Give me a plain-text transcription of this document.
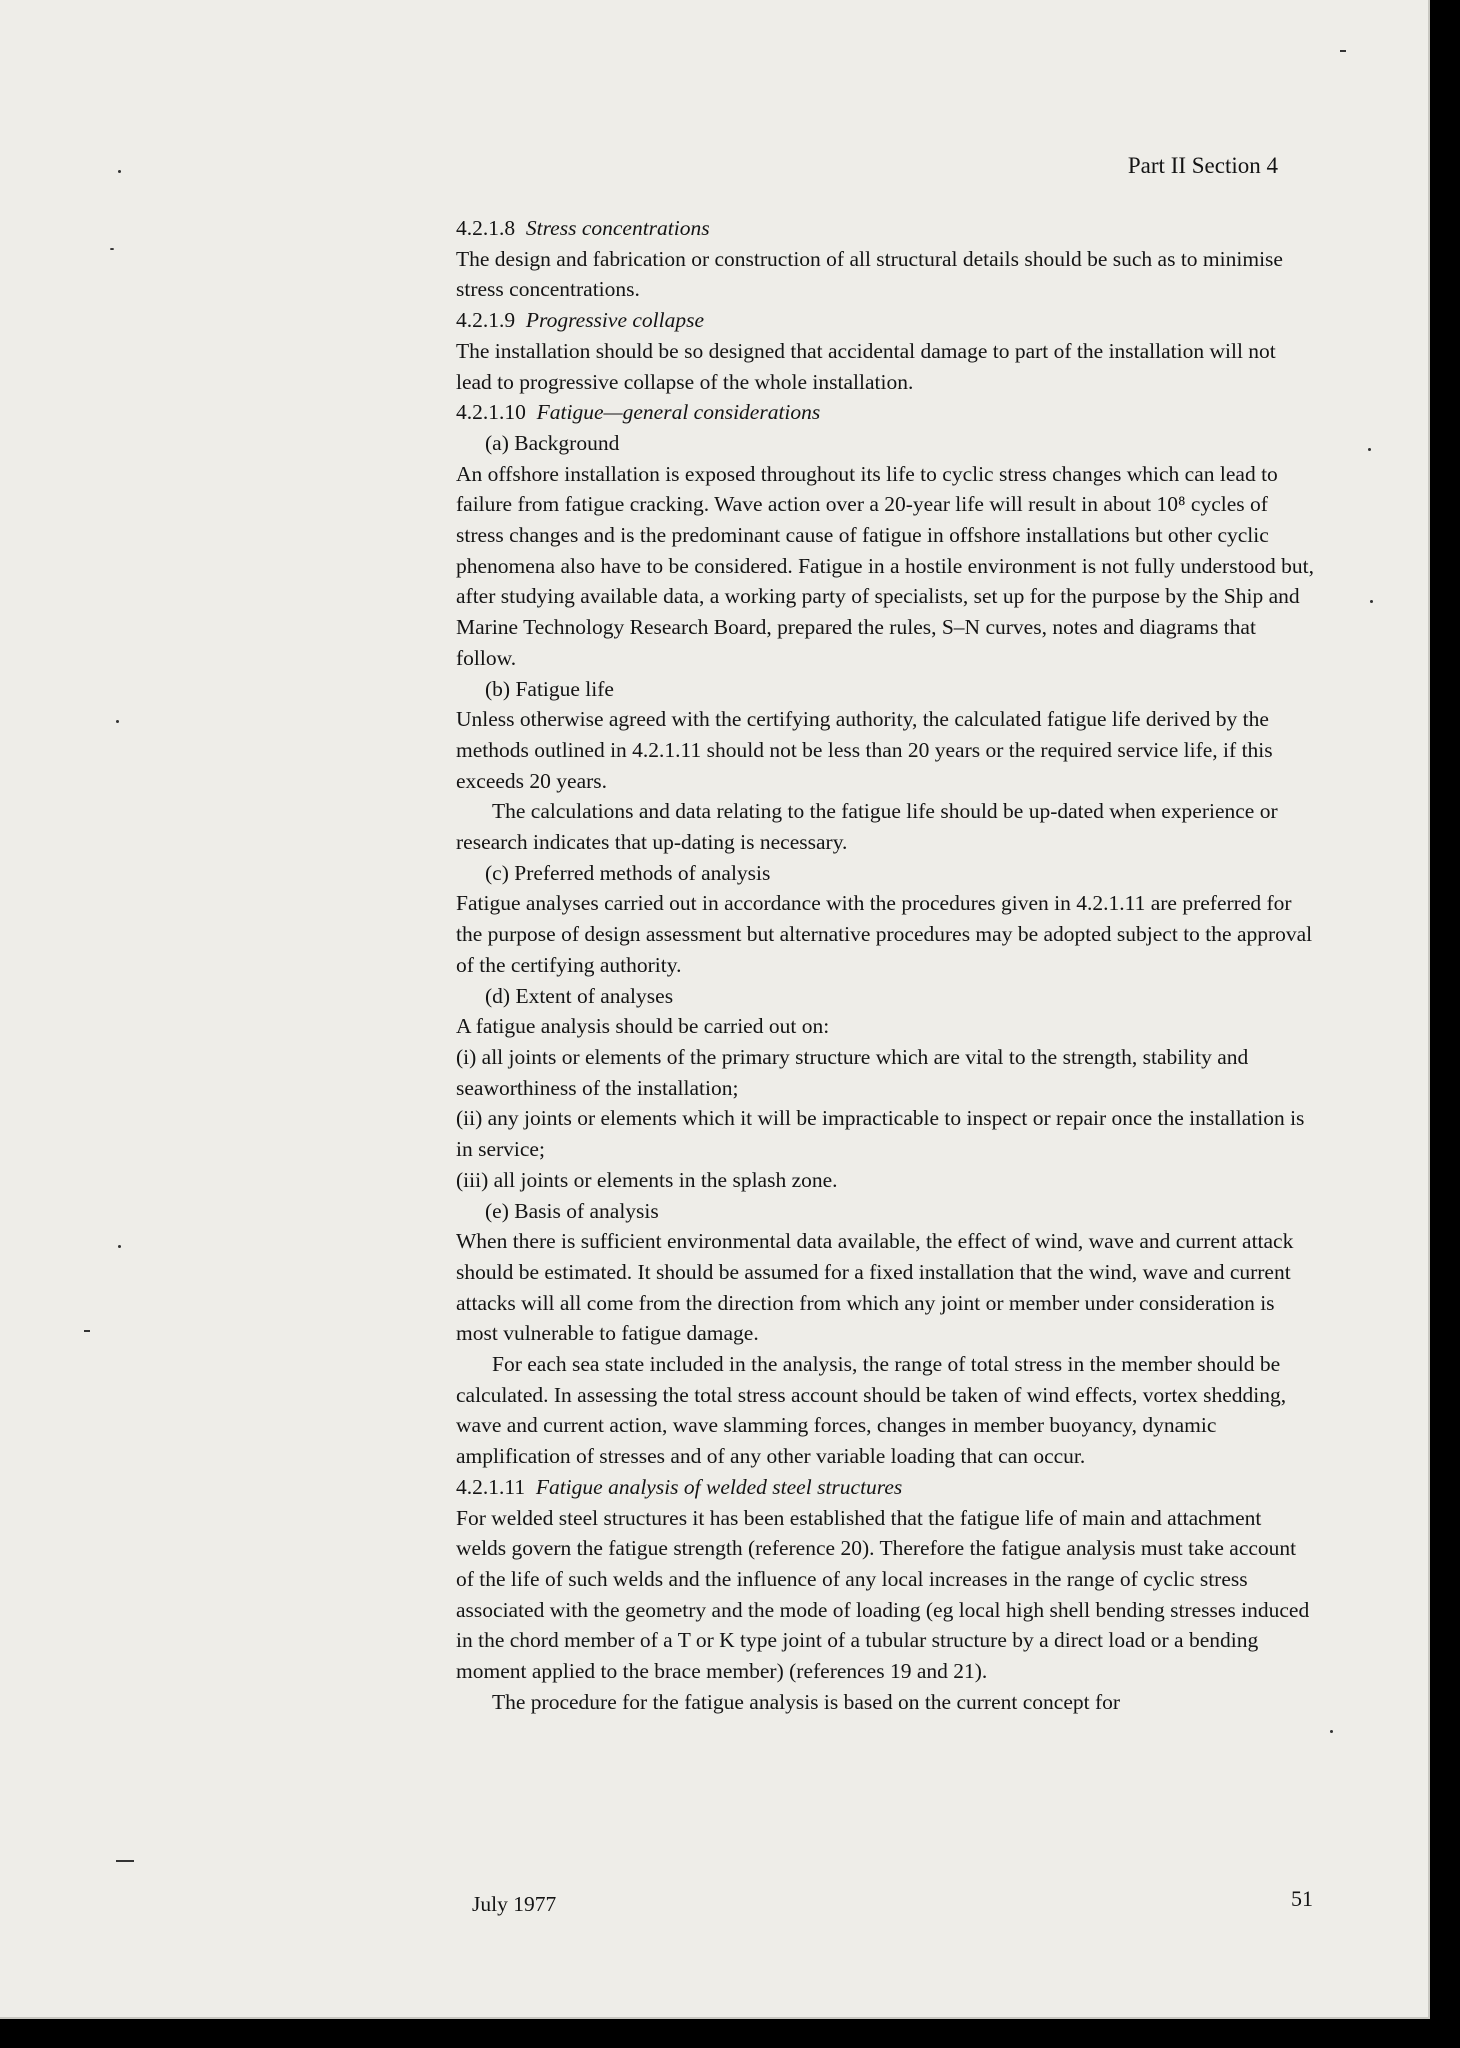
Part II Section 4
4.2.1.8 Stress concentrations

The design and fabrication or construction of all structural details should be such as to minimise stress concentrations.

4.2.1.9 Progressive collapse

The installation should be so designed that accidental damage to part of the installation will not lead to progressive collapse of the whole installation.

4.2.1.10 Fatigue—general considerations
(a) Background

An offshore installation is exposed throughout its life to cyclic stress changes which can lead to failure from fatigue cracking. Wave action over a 20-year life will result in about 10⁸ cycles of stress changes and is the predominant cause of fatigue in offshore installations but other cyclic phenomena also have to be considered. Fatigue in a hostile environment is not fully understood but, after studying available data, a working party of specialists, set up for the purpose by the Ship and Marine Technology Research Board, prepared the rules, S–N curves, notes and diagrams that follow.

(b) Fatigue life

Unless otherwise agreed with the certifying authority, the calculated fatigue life derived by the methods outlined in 4.2.1.11 should not be less than 20 years or the required service life, if this exceeds 20 years.

The calculations and data relating to the fatigue life should be up-dated when experience or research indicates that up-dating is necessary.

(c) Preferred methods of analysis

Fatigue analyses carried out in accordance with the procedures given in 4.2.1.11 are preferred for the purpose of design assessment but alternative procedures may be adopted subject to the approval of the certifying authority.

(d) Extent of analyses

A fatigue analysis should be carried out on:

(i) all joints or elements of the primary structure which are vital to the strength, stability and seaworthiness of the installation;

(ii) any joints or elements which it will be impracticable to inspect or repair once the installation is in service;

(iii) all joints or elements in the splash zone.

(e) Basis of analysis

When there is sufficient environmental data available, the effect of wind, wave and current attack should be estimated. It should be assumed for a fixed installation that the wind, wave and current attacks will all come from the direction from which any joint or member under consideration is most vulnerable to fatigue damage.

For each sea state included in the analysis, the range of total stress in the member should be calculated. In assessing the total stress account should be taken of wind effects, vortex shedding, wave and current action, wave slamming forces, changes in member buoyancy, dynamic amplification of stresses and of any other variable loading that can occur.

4.2.1.11 Fatigue analysis of welded steel structures

For welded steel structures it has been established that the fatigue life of main and attachment welds govern the fatigue strength (reference 20). Therefore the fatigue analysis must take account of the life of such welds and the influence of any local increases in the range of cyclic stress associated with the geometry and the mode of loading (eg local high shell bending stresses induced in the chord member of a T or K type joint of a tubular structure by a direct load or a bending moment applied to the brace member) (references 19 and 21).

The procedure for the fatigue analysis is based on the current concept for

July 1977	51
